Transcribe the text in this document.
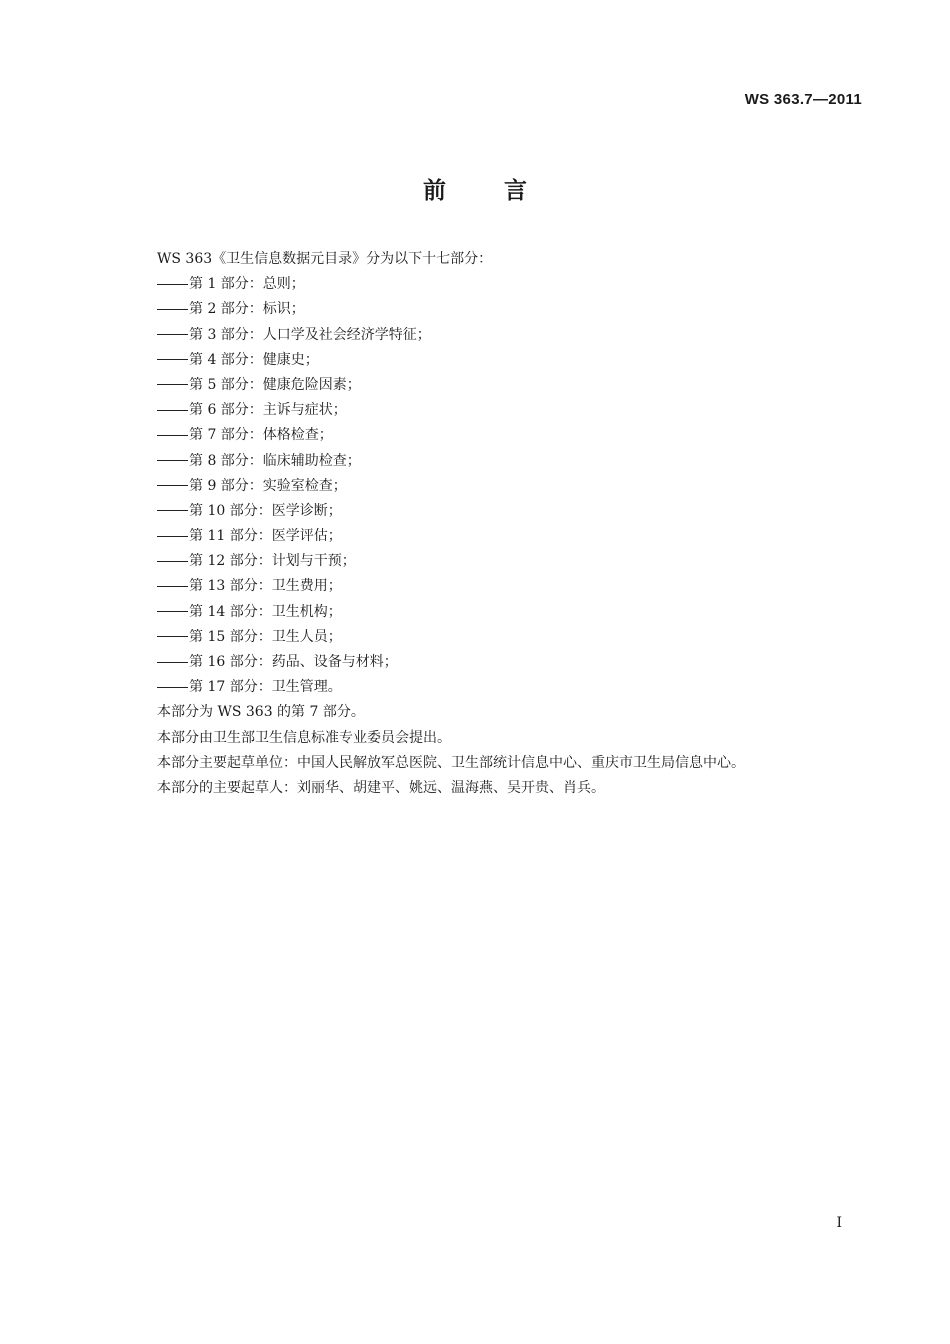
WS 363.7—2011
前言
WS 363《卫生信息数据元目录》分为以下十七部分：
第 1 部分：总则；
第 2 部分：标识；
第 3 部分：人口学及社会经济学特征；
第 4 部分：健康史；
第 5 部分：健康危险因素；
第 6 部分：主诉与症状；
第 7 部分：体格检查；
第 8 部分：临床辅助检查；
第 9 部分：实验室检查；
第 10 部分：医学诊断；
第 11 部分：医学评估；
第 12 部分：计划与干预；
第 13 部分：卫生费用；
第 14 部分：卫生机构；
第 15 部分：卫生人员；
第 16 部分：药品、设备与材料；
第 17 部分：卫生管理。
本部分为 WS 363 的第 7 部分。
本部分由卫生部卫生信息标准专业委员会提出。
本部分主要起草单位：中国人民解放军总医院、卫生部统计信息中心、重庆市卫生局信息中心。
本部分的主要起草人：刘丽华、胡建平、姚远、温海燕、吴开贵、肖兵。
I
